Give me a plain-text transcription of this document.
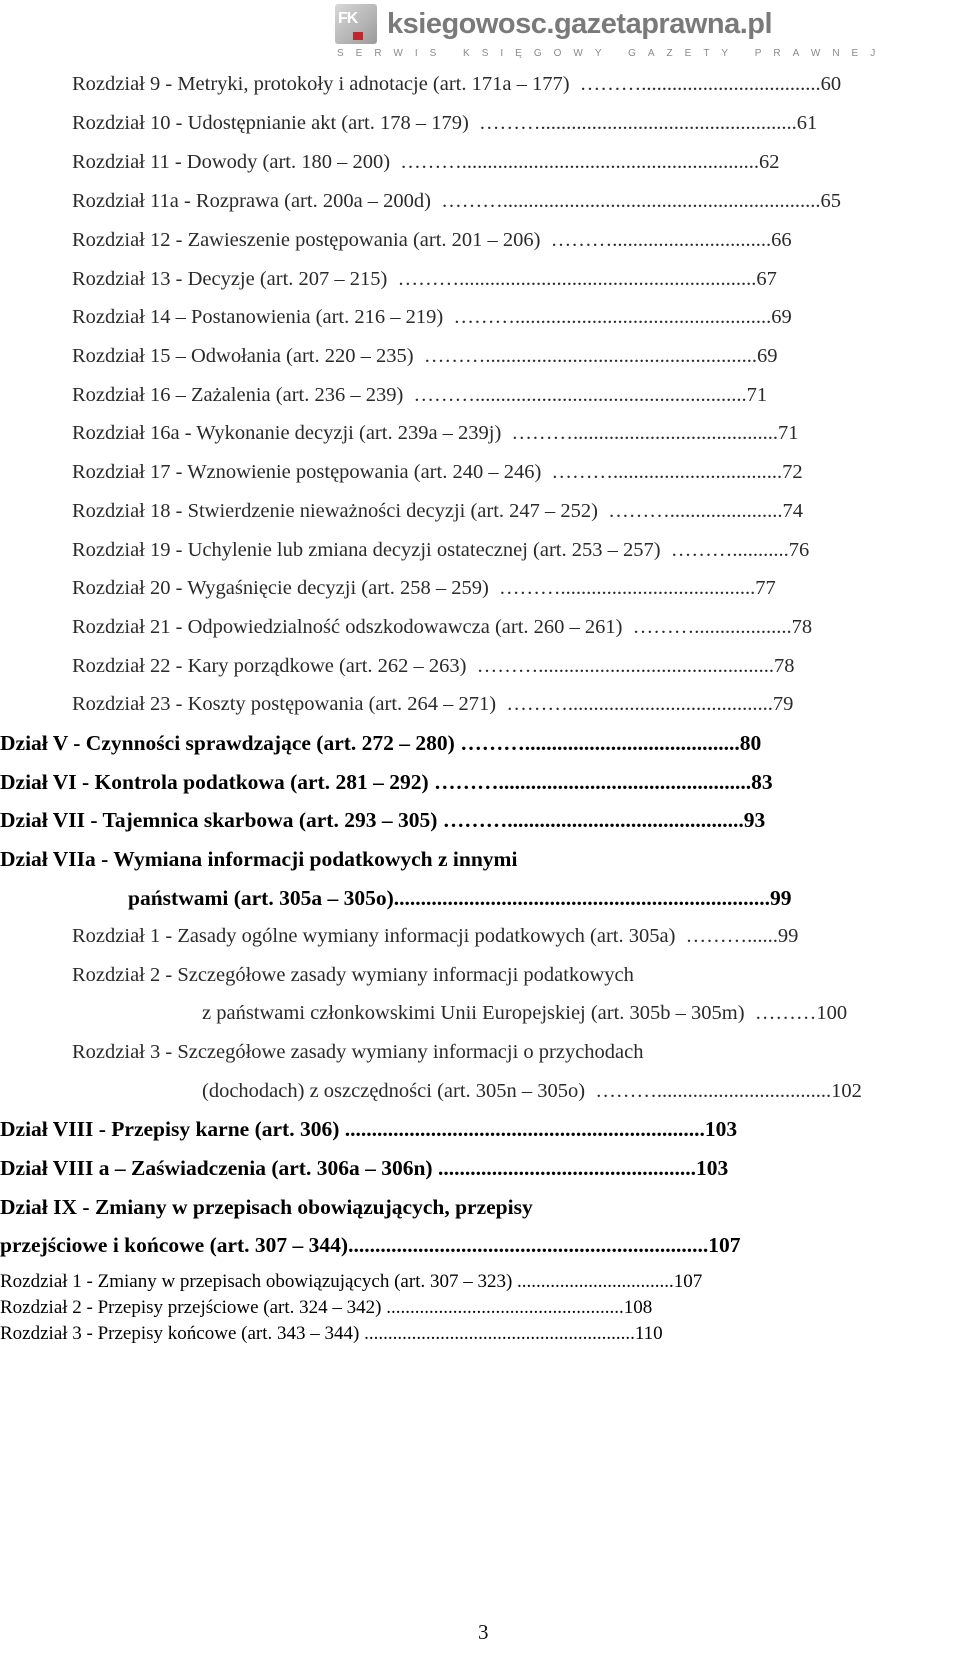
FK ksiegowosc.gazetaprawna.pl
SERWIS KSIĘGOWY GAZETY PRAWNEJ
Rozdział 9 - Metryki, protokoły i adnotacje (art. 171a – 177)  ………...................................60
Rozdział 10 - Udostępnianie akt (art. 178 – 179)  ………..................................................61
Rozdział 11 - Dowody (art. 180 – 200)  ………..........................................................62
Rozdział 11a - Rozprawa (art. 200a – 200d)  ………..............................................................65
Rozdział 12 - Zawieszenie postępowania (art. 201 – 206)  ………...............................66
Rozdział 13 - Decyzje (art. 207 – 215)  ………..........................................................67
Rozdział 14 – Postanowienia (art. 216 – 219)  ………..................................................69
Rozdział 15 – Odwołania (art. 220 – 235)  ……….....................................................69
Rozdział 16 – Zażalenia (art. 236 – 239)  ……….....................................................71
Rozdział 16a - Wykonanie decyzji (art. 239a – 239j)  ………........................................71
Rozdział 17 - Wznowienie postępowania (art. 240 – 246)  ……….................................72
Rozdział 18 - Stwierdzenie nieważności decyzji (art. 247 – 252)  ………......................74
Rozdział 19 - Uchylenie lub zmiana decyzji ostatecznej (art. 253 – 257)  ………...........76
Rozdział 20 - Wygaśnięcie decyzji (art. 258 – 259)  ………......................................77
Rozdział 21 - Odpowiedzialność odszkodowawcza (art. 260 – 261)  ………...................78
Rozdział 22 - Kary porządkowe (art. 262 – 263)  ………..............................................78
Rozdział 23 - Koszty postępowania (art. 264 – 271)  ………........................................79
Dział V - Czynności sprawdzające (art. 272 – 280) ………........................................80
Dział VI - Kontrola podatkowa (art. 281 – 292) ………...............................................83
Dział VII - Tajemnica skarbowa (art. 293 – 305) ………............................................93
Dział VIIa - Wymiana informacji podatkowych z innymi
państwami (art. 305a – 305o)......................................................................99
Rozdział 1 - Zasady ogólne wymiany informacji podatkowych (art. 305a)  ………......99
Rozdział 2 - Szczegółowe zasady wymiany informacji podatkowych
z państwami członkowskimi Unii Europejskiej (art. 305b – 305m)  ………100
Rozdział 3 - Szczegółowe zasady wymiany informacji o przychodach
(dochodach) z oszczędności (art. 305n – 305o)  ………..................................102
Dział VIII - Przepisy karne (art. 306) ...................................................................103
Dział VIII a – Zaświadczenia (art. 306a – 306n) ................................................103
Dział IX - Zmiany w przepisach obowiązujących, przepisy
przejściowe i końcowe (art. 307 – 344)...................................................................107
Rozdział 1 - Zmiany w przepisach obowiązujących (art. 307 – 323) .................................107
Rozdział 2 - Przepisy przejściowe (art. 324 – 342) ..................................................108
Rozdział 3 - Przepisy końcowe (art. 343 – 344) .........................................................110
3
